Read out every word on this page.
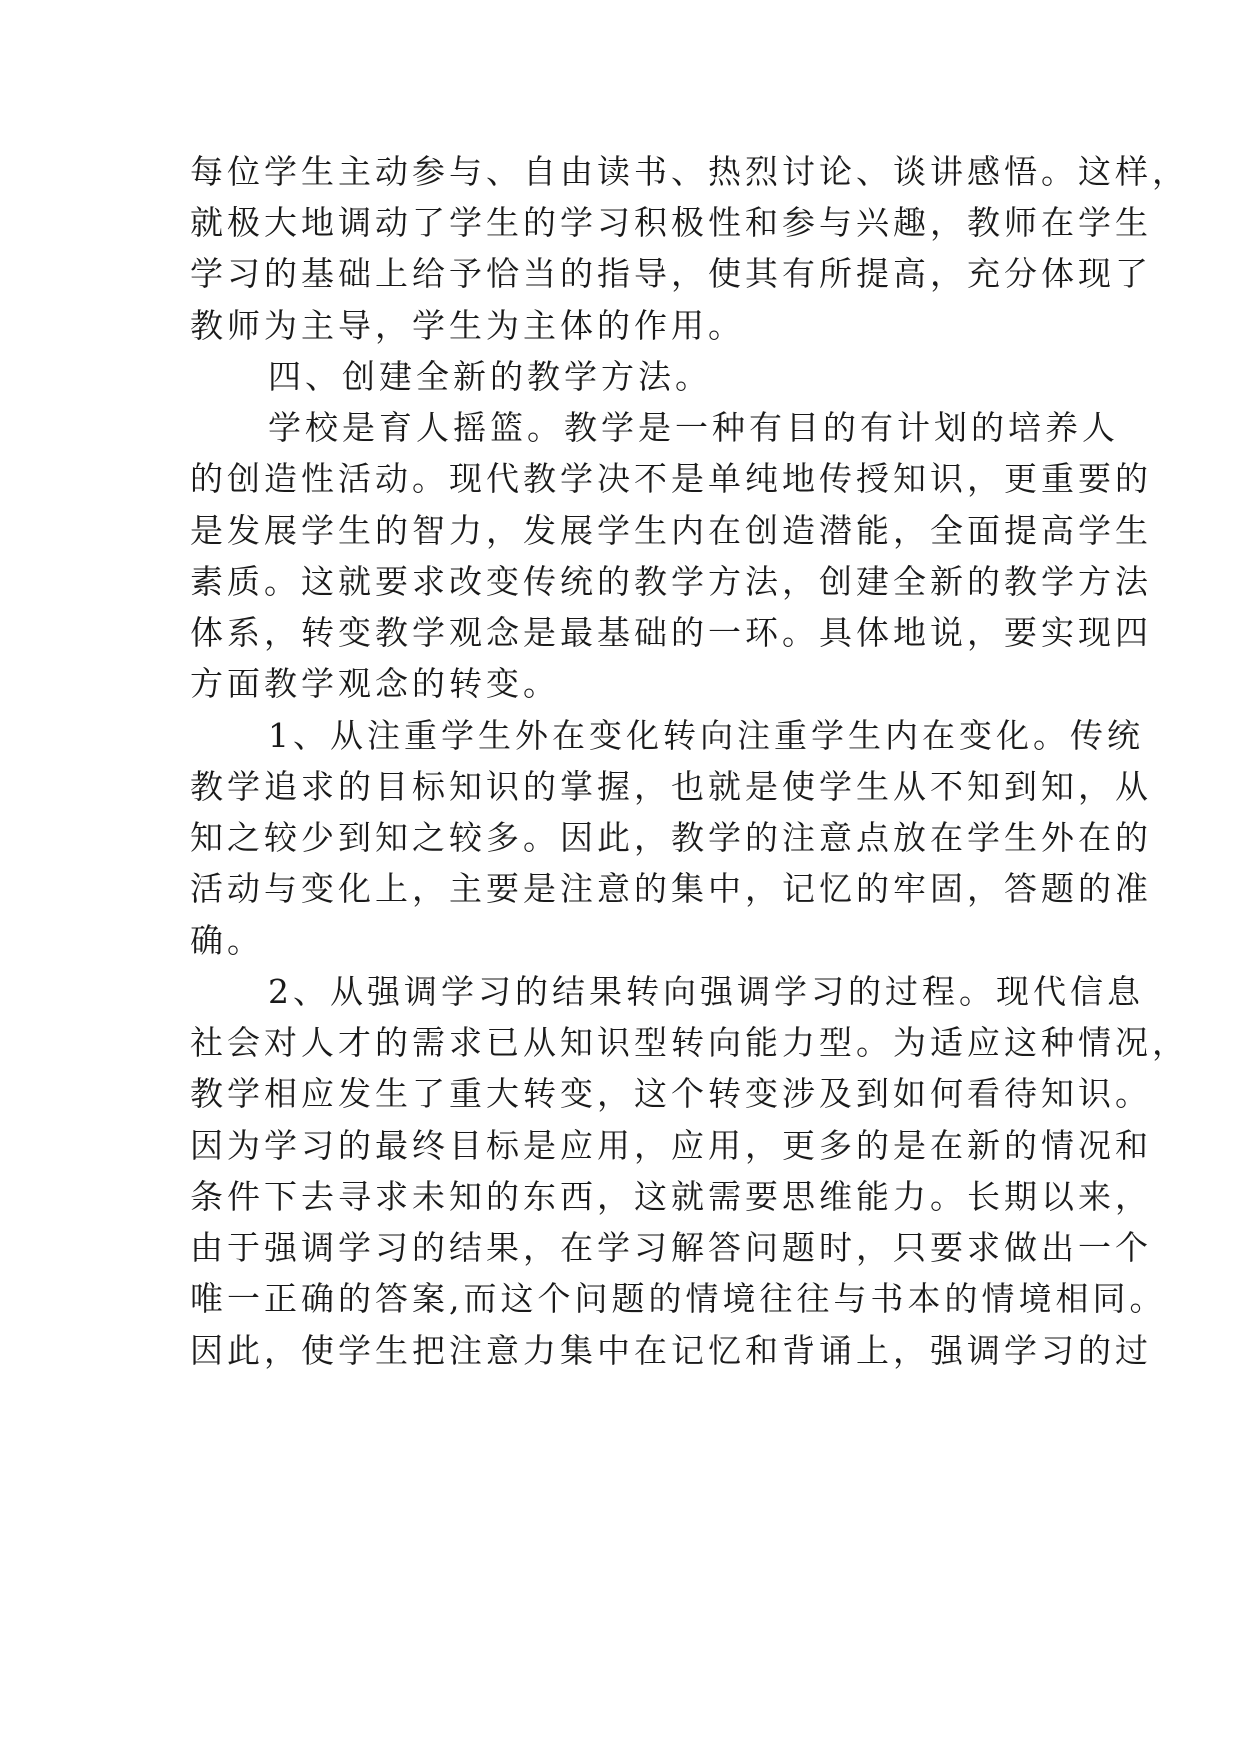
每位学生主动参与、自由读书、热烈讨论、谈讲感悟。这样，
就极大地调动了学生的学习积极性和参与兴趣，教师在学生
学习的基础上给予恰当的指导，使其有所提高，充分体现了
教师为主导，学生为主体的作用。
四、创建全新的教学方法。
学校是育人摇篮。教学是一种有目的有计划的培养人
的创造性活动。现代教学决不是单纯地传授知识，更重要的
是发展学生的智力，发展学生内在创造潜能，全面提高学生
素质。这就要求改变传统的教学方法，创建全新的教学方法
体系，转变教学观念是最基础的一环。具体地说，要实现四
方面教学观念的转变。
1、从注重学生外在变化转向注重学生内在变化。传统
教学追求的目标知识的掌握，也就是使学生从不知到知，从
知之较少到知之较多。因此，教学的注意点放在学生外在的
活动与变化上，主要是注意的集中，记忆的牢固，答题的准
确。
2、从强调学习的结果转向强调学习的过程。现代信息
社会对人才的需求已从知识型转向能力型。为适应这种情况，
教学相应发生了重大转变，这个转变涉及到如何看待知识。
因为学习的最终目标是应用，应用，更多的是在新的情况和
条件下去寻求未知的东西，这就需要思维能力。长期以来，
由于强调学习的结果，在学习解答问题时，只要求做出一个
唯一正确的答案,而这个问题的情境往往与书本的情境相同。
因此，使学生把注意力集中在记忆和背诵上，强调学习的过
